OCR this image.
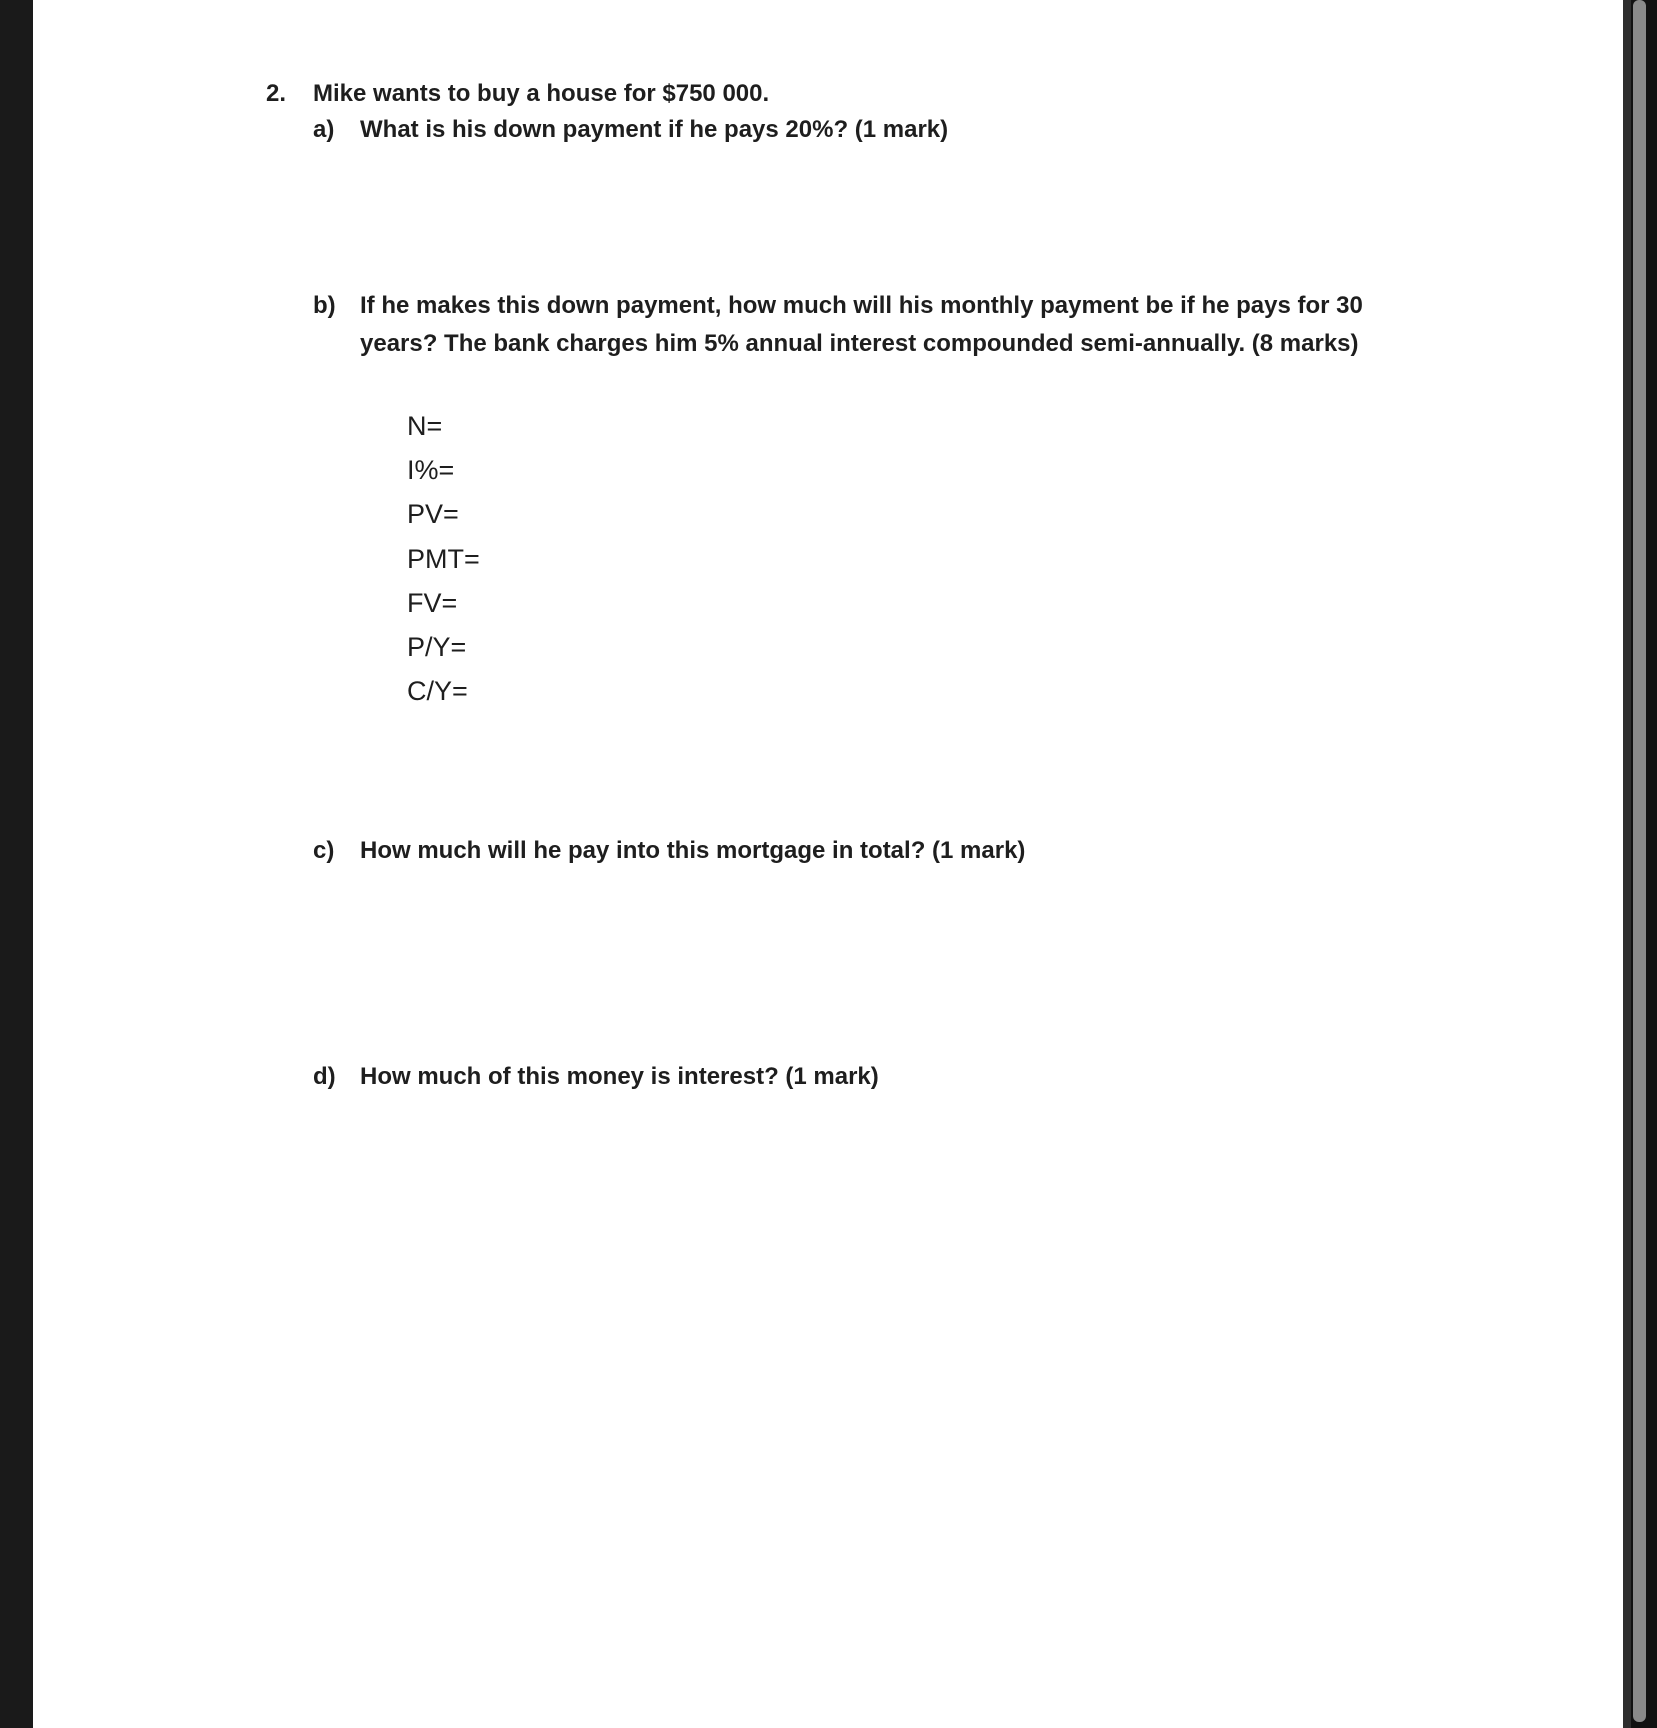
2. Mike wants to buy a house for $750 000.
a) What is his down payment if he pays 20%? (1 mark)
b) If he makes this down payment, how much will his monthly payment be if he pays for 30
years? The bank charges him 5% annual interest compounded semi-annually. (8 marks)
N=
I%=
PV=
PMT=
FV=
P/Y=
C/Y=
c) How much will he pay into this mortgage in total? (1 mark)
d) How much of this money is interest? (1 mark)
